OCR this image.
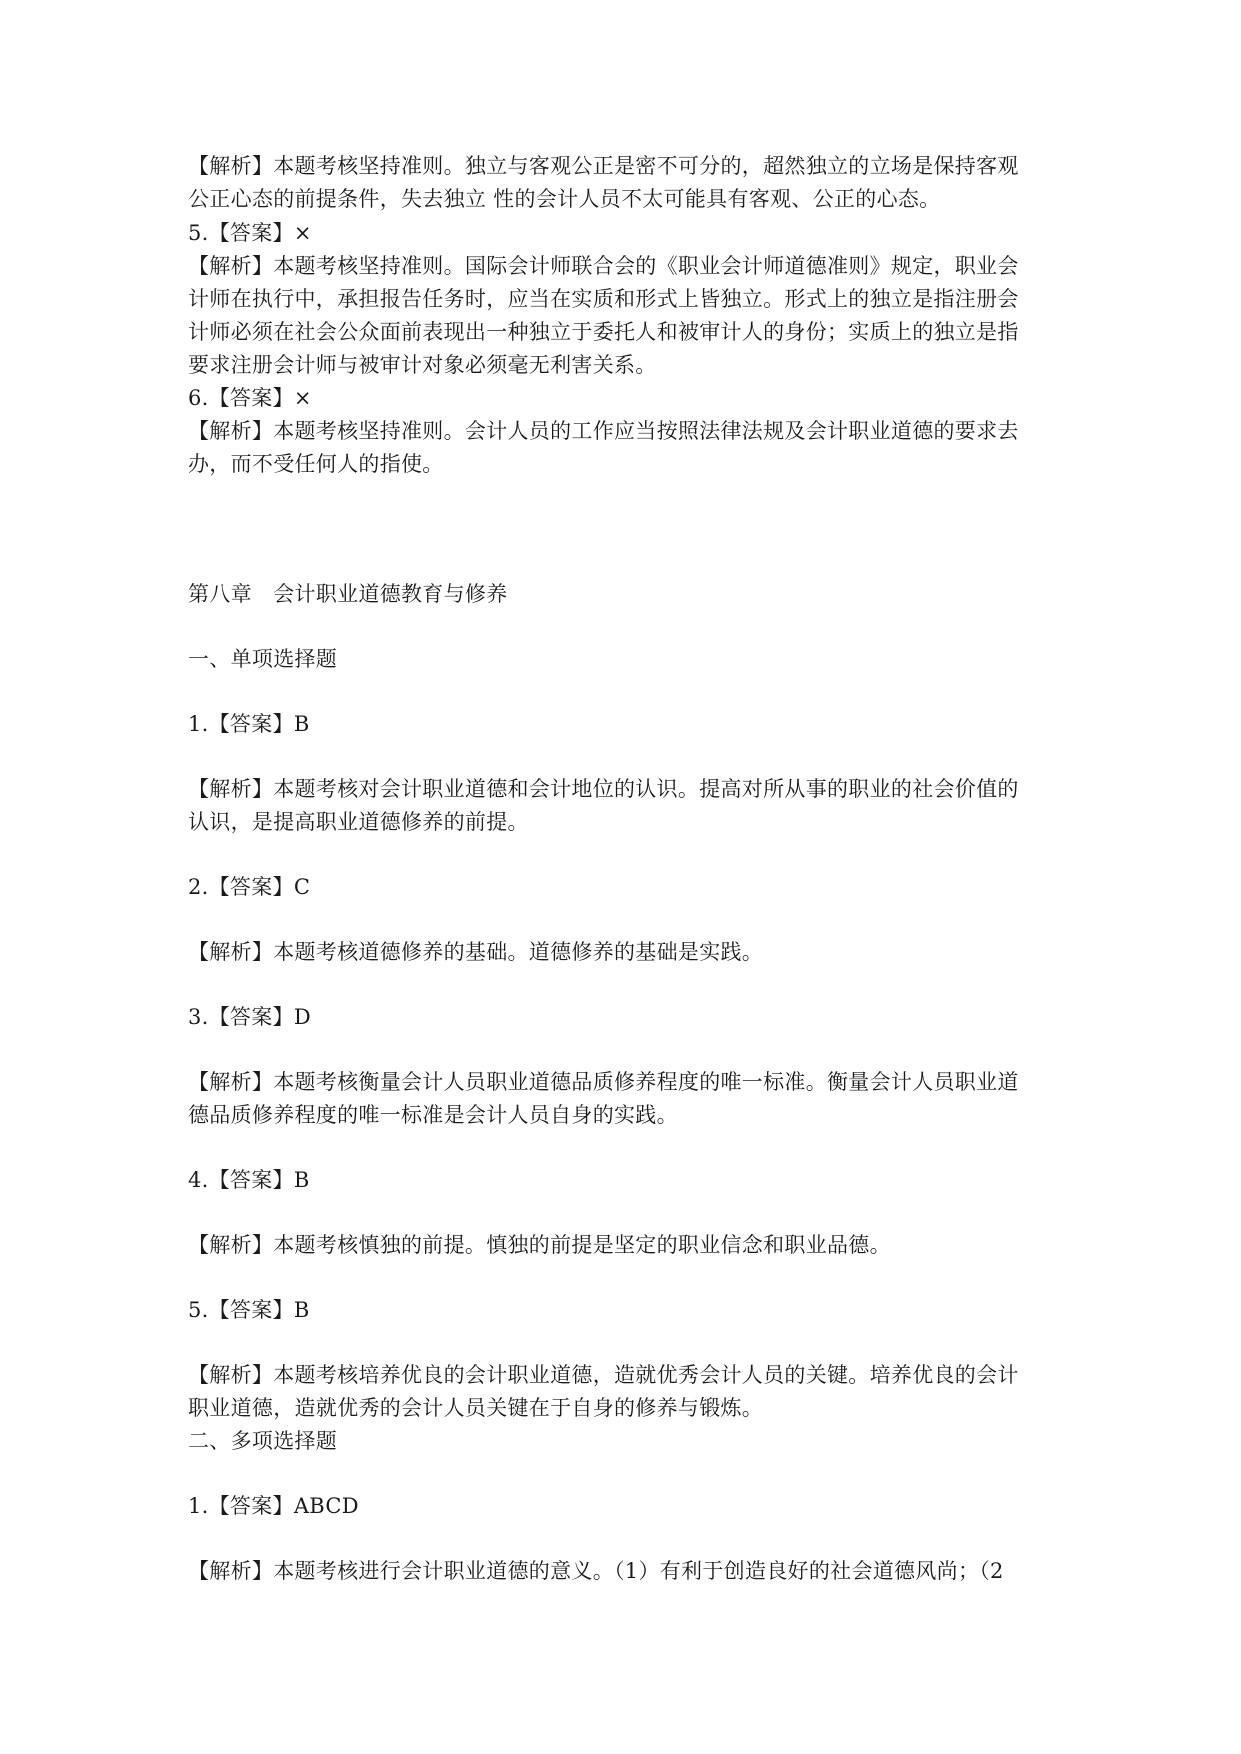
【解析】本题考核坚持准则。独立与客观公正是密不可分的，超然独立的立场是保持客观
公正心态的前提条件，失去独立 性的会计人员不太可能具有客观、公正的心态。
5.【答案】×
【解析】本题考核坚持准则。国际会计师联合会的《职业会计师道德准则》规定，职业会
计师在执行中，承担报告任务时，应当在实质和形式上皆独立。形式上的独立是指注册会
计师必须在社会公众面前表现出一种独立于委托人和被审计人的身份；实质上的独立是指
要求注册会计师与被审计对象必须毫无利害关系。
6.【答案】×
【解析】本题考核坚持准则。会计人员的工作应当按照法律法规及会计职业道德的要求去
办，而不受任何人的指使。
第八章　会计职业道德教育与修养
一、单项选择题
1.【答案】B
【解析】本题考核对会计职业道德和会计地位的认识。提高对所从事的职业的社会价值的
认识，是提高职业道德修养的前提。
2.【答案】C
【解析】本题考核道德修养的基础。道德修养的基础是实践。
3.【答案】D
【解析】本题考核衡量会计人员职业道德品质修养程度的唯一标准。衡量会计人员职业道
德品质修养程度的唯一标准是会计人员自身的实践。
4.【答案】B
【解析】本题考核慎独的前提。慎独的前提是坚定的职业信念和职业品德。
5.【答案】B
【解析】本题考核培养优良的会计职业道德，造就优秀会计人员的关键。培养优良的会计
职业道德，造就优秀的会计人员关键在于自身的修养与锻炼。
二、多项选择题
1.【答案】ABCD
【解析】本题考核进行会计职业道德的意义。（1）有利于创造良好的社会道德风尚；（2
